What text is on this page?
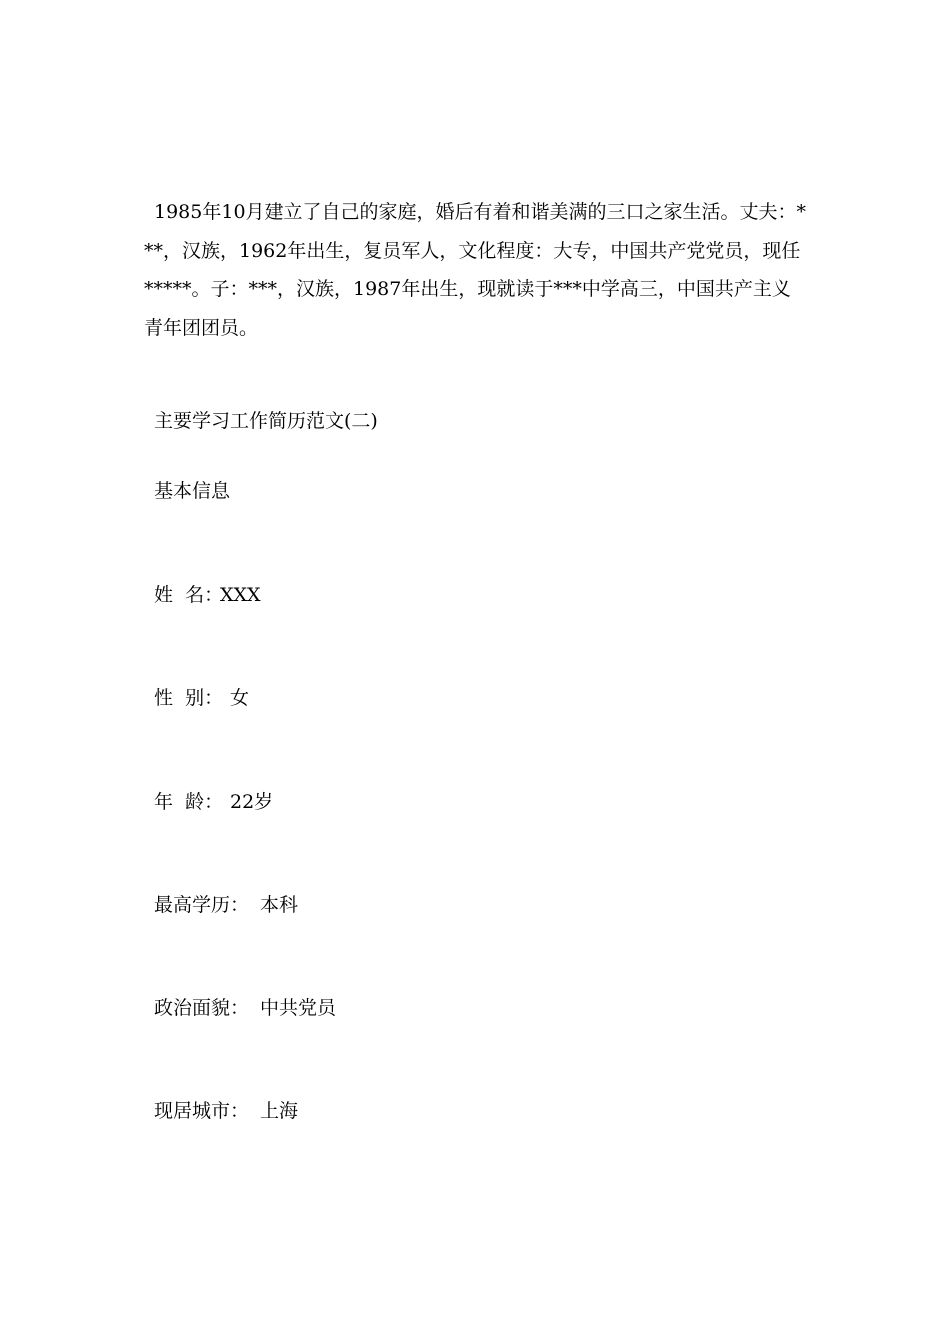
1985年10月建立了自己的家庭，婚后有着和谐美满的三口之家生活。丈夫：*
**，汉族，1962年出生，复员军人，文化程度：大专，中国共产党党员，现任
*****。子：***，汉族，1987年出生，现就读于***中学高三，中国共产主义
青年团团员。
主要学习工作简历范文(二)
基本信息
姓  名：XXX
性  别： 女
年  龄： 22岁
最高学历： 本科
政治面貌： 中共党员
现居城市： 上海
